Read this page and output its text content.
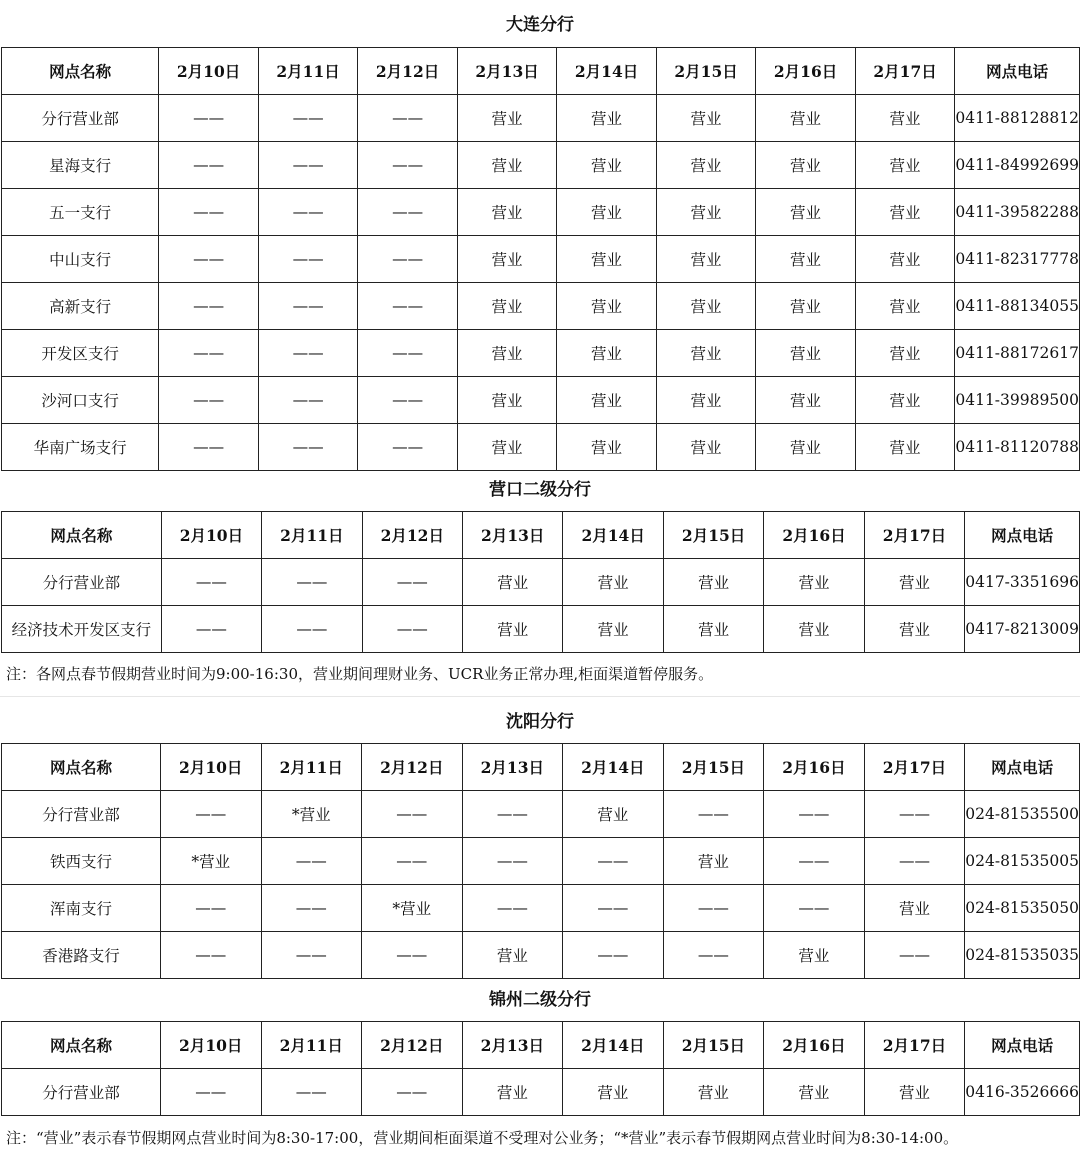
大连分行
网点名称	2月10日	2月11日	2月12日	2月13日	2月14日	2月15日	2月16日	2月17日	网点电话
分行营业部	——	——	——	营业	营业	营业	营业	营业	0411-88128812
星海支行	——	——	——	营业	营业	营业	营业	营业	0411-84992699
五一支行	——	——	——	营业	营业	营业	营业	营业	0411-39582288
中山支行	——	——	——	营业	营业	营业	营业	营业	0411-82317778
高新支行	——	——	——	营业	营业	营业	营业	营业	0411-88134055
开发区支行	——	——	——	营业	营业	营业	营业	营业	0411-88172617
沙河口支行	——	——	——	营业	营业	营业	营业	营业	0411-39989500
华南广场支行	——	——	——	营业	营业	营业	营业	营业	0411-81120788
营口二级分行
网点名称	2月10日	2月11日	2月12日	2月13日	2月14日	2月15日	2月16日	2月17日	网点电话
分行营业部	——	——	——	营业	营业	营业	营业	营业	0417-3351696
经济技术开发区支行	——	——	——	营业	营业	营业	营业	营业	0417-8213009
注：各网点春节假期营业时间为9:00-16:30，营业期间理财业务、UCR业务正常办理,柜面渠道暂停服务。
沈阳分行
网点名称	2月10日	2月11日	2月12日	2月13日	2月14日	2月15日	2月16日	2月17日	网点电话
分行营业部	——	*营业	——	——	营业	——	——	——	024-81535500
铁西支行	*营业	——	——	——	——	营业	——	——	024-81535005
浑南支行	——	——	*营业	——	——	——	——	营业	024-81535050
香港路支行	——	——	——	营业	——	——	营业	——	024-81535035
锦州二级分行
网点名称	2月10日	2月11日	2月12日	2月13日	2月14日	2月15日	2月16日	2月17日	网点电话
分行营业部	——	——	——	营业	营业	营业	营业	营业	0416-3526666
注：“营业”表示春节假期网点营业时间为8:30-17:00，营业期间柜面渠道不受理对公业务；“*营业”表示春节假期网点营业时间为8:30-14:00。
